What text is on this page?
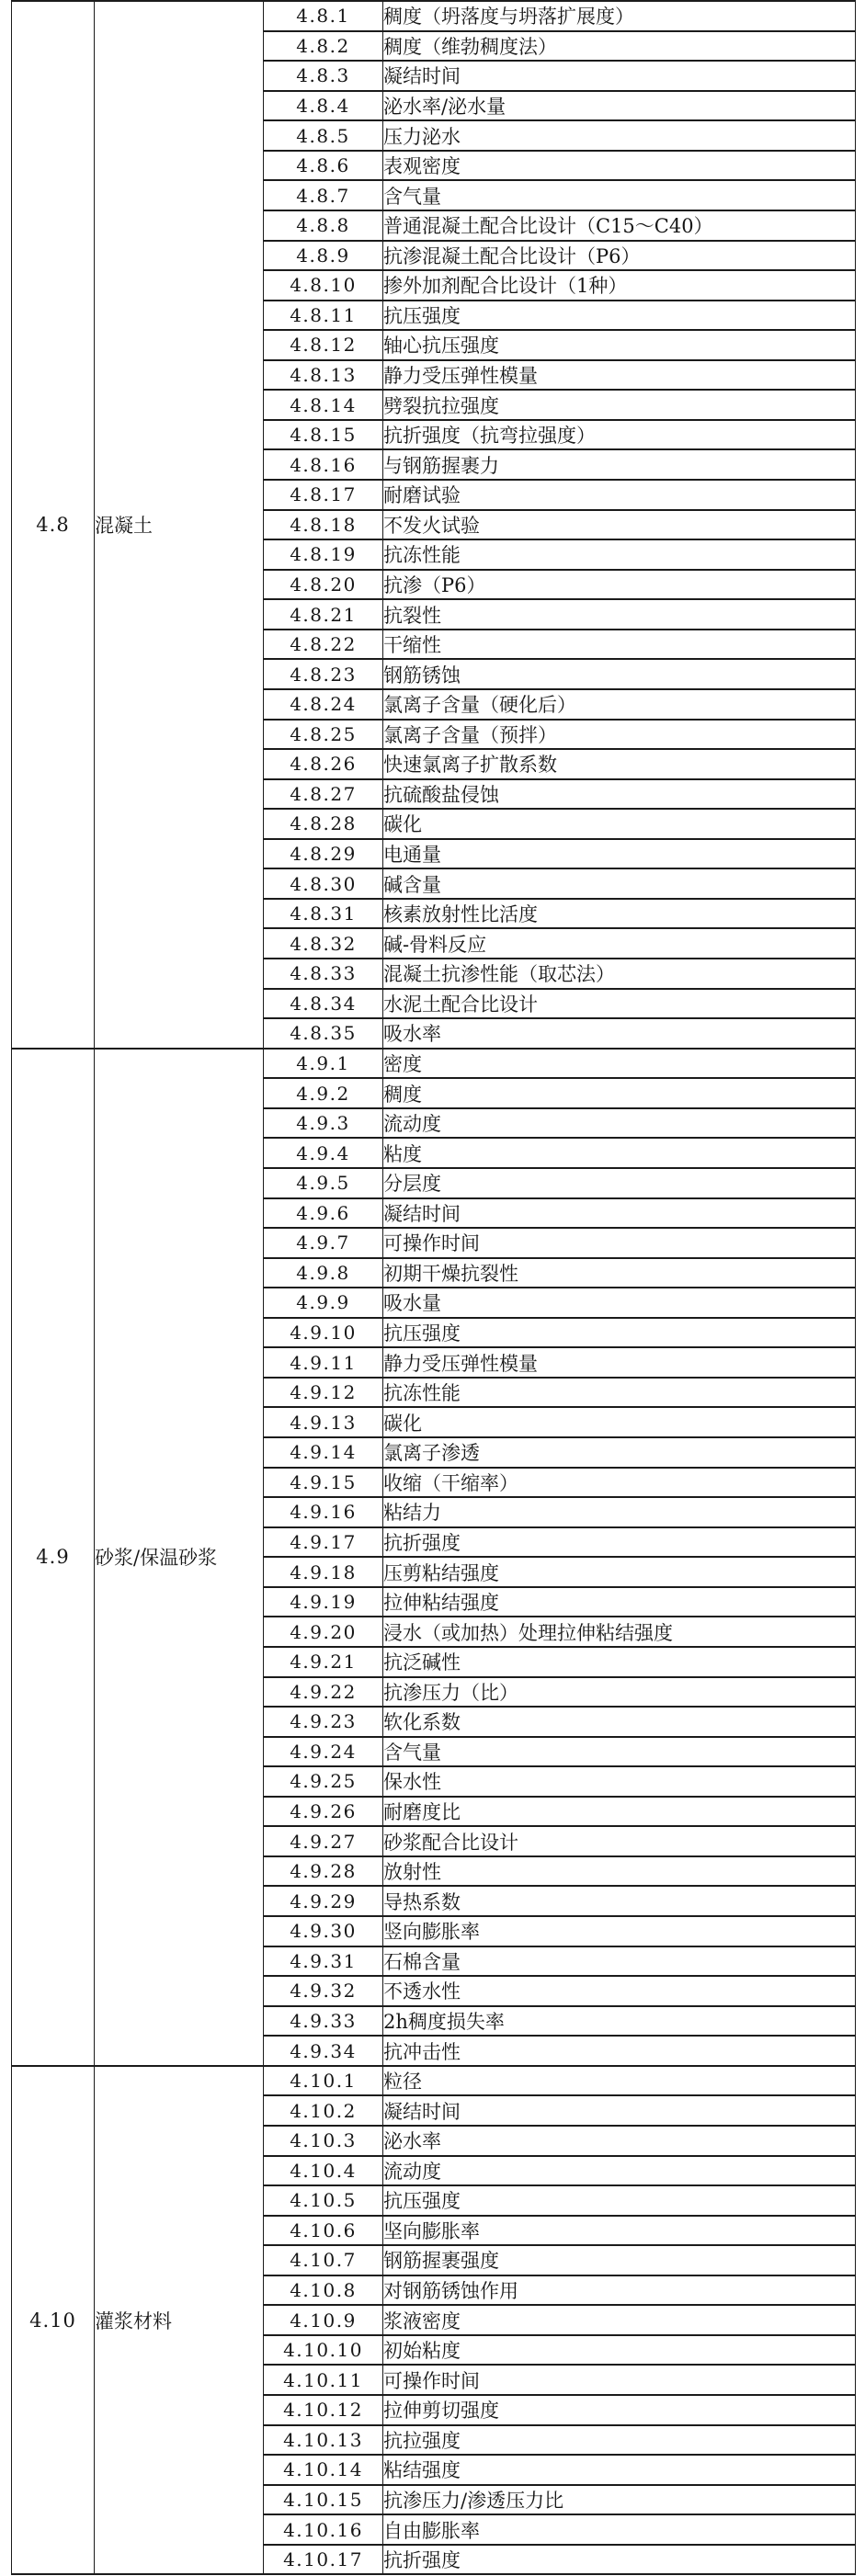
4.8	混凝土	4.8.1	稠度（坍落度与坍落扩展度）
		4.8.2	稠度（维勃稠度法）
		4.8.3	凝结时间
		4.8.4	泌水率/泌水量
		4.8.5	压力泌水
		4.8.6	表观密度
		4.8.7	含气量
		4.8.8	普通混凝土配合比设计（C15～C40）
		4.8.9	抗渗混凝土配合比设计（P6）
		4.8.10	掺外加剂配合比设计（1种）
		4.8.11	抗压强度
		4.8.12	轴心抗压强度
		4.8.13	静力受压弹性模量
		4.8.14	劈裂抗拉强度
		4.8.15	抗折强度（抗弯拉强度）
		4.8.16	与钢筋握裹力
		4.8.17	耐磨试验
		4.8.18	不发火试验
		4.8.19	抗冻性能
		4.8.20	抗渗（P6）
		4.8.21	抗裂性
		4.8.22	干缩性
		4.8.23	钢筋锈蚀
		4.8.24	氯离子含量（硬化后）
		4.8.25	氯离子含量（预拌）
		4.8.26	快速氯离子扩散系数
		4.8.27	抗硫酸盐侵蚀
		4.8.28	碳化
		4.8.29	电通量
		4.8.30	碱含量
		4.8.31	核素放射性比活度
		4.8.32	碱-骨料反应
		4.8.33	混凝土抗渗性能（取芯法）
		4.8.34	水泥土配合比设计
		4.8.35	吸水率
4.9	砂浆/保温砂浆	4.9.1	密度
		4.9.2	稠度
		4.9.3	流动度
		4.9.4	粘度
		4.9.5	分层度
		4.9.6	凝结时间
		4.9.7	可操作时间
		4.9.8	初期干燥抗裂性
		4.9.9	吸水量
		4.9.10	抗压强度
		4.9.11	静力受压弹性模量
		4.9.12	抗冻性能
		4.9.13	碳化
		4.9.14	氯离子渗透
		4.9.15	收缩（干缩率）
		4.9.16	粘结力
		4.9.17	抗折强度
		4.9.18	压剪粘结强度
		4.9.19	拉伸粘结强度
		4.9.20	浸水（或加热）处理拉伸粘结强度
		4.9.21	抗泛碱性
		4.9.22	抗渗压力（比）
		4.9.23	软化系数
		4.9.24	含气量
		4.9.25	保水性
		4.9.26	耐磨度比
		4.9.27	砂浆配合比设计
		4.9.28	放射性
		4.9.29	导热系数
		4.9.30	竖向膨胀率
		4.9.31	石棉含量
		4.9.32	不透水性
		4.9.33	2h稠度损失率
		4.9.34	抗冲击性
4.10	灌浆材料	4.10.1	粒径
		4.10.2	凝结时间
		4.10.3	泌水率
		4.10.4	流动度
		4.10.5	抗压强度
		4.10.6	坚向膨胀率
		4.10.7	钢筋握裹强度
		4.10.8	对钢筋锈蚀作用
		4.10.9	浆液密度
		4.10.10	初始粘度
		4.10.11	可操作时间
		4.10.12	拉伸剪切强度
		4.10.13	抗拉强度
		4.10.14	粘结强度
		4.10.15	抗渗压力/渗透压力比
		4.10.16	自由膨胀率
		4.10.17	抗折强度
